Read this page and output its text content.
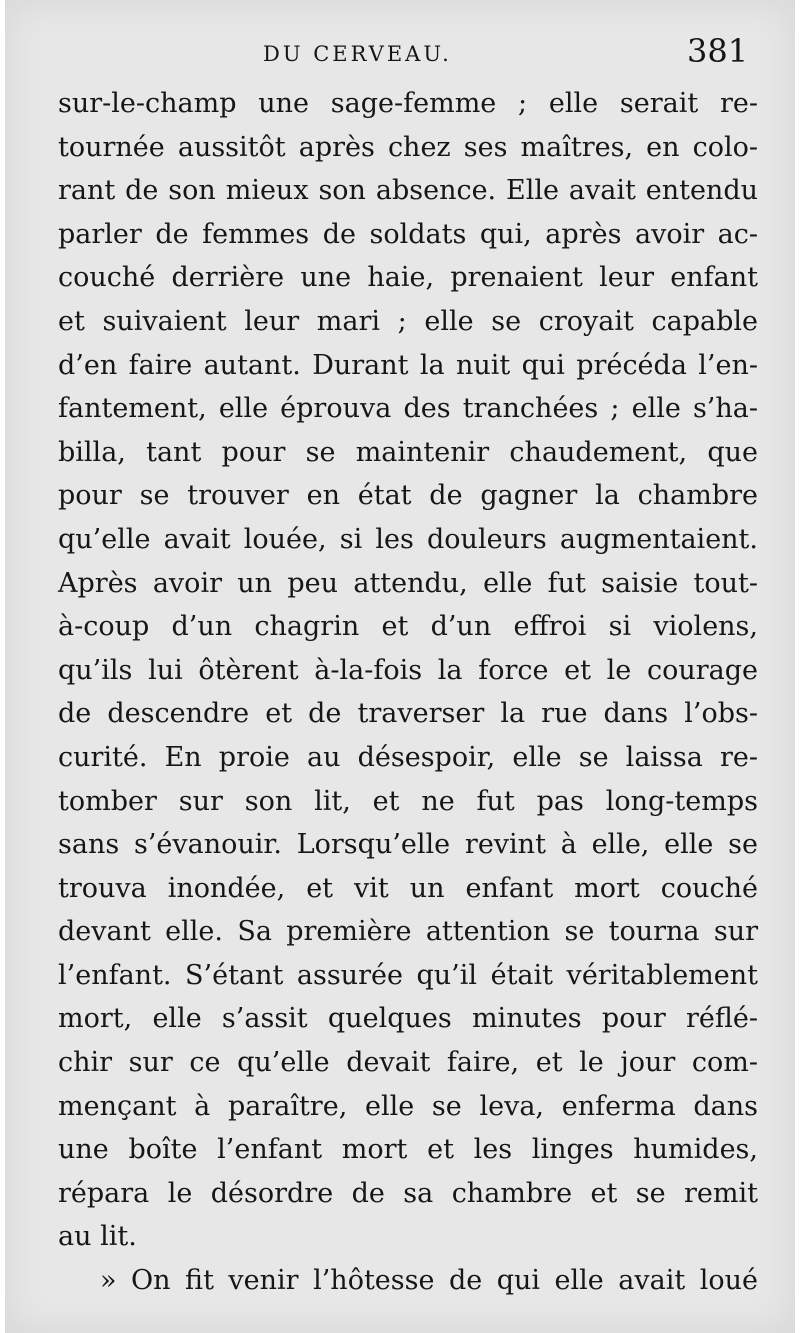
DU CERVEAU.	381
sur-le-champ une sage-femme ; elle serait re-
tournée aussitôt après chez ses maîtres, en colo-
rant de son mieux son absence. Elle avait entendu
parler de femmes de soldats qui, après avoir ac-
couché derrière une haie, prenaient leur enfant
et suivaient leur mari ; elle se croyait capable
d’en faire autant. Durant la nuit qui précéda l’en-
fantement, elle éprouva des tranchées ; elle s’ha-
billa, tant pour se maintenir chaudement, que
pour se trouver en état de gagner la chambre
qu’elle avait louée, si les douleurs augmentaient.
Après avoir un peu attendu, elle fut saisie tout-
à-coup d’un chagrin et d’un effroi si violens,
qu’ils lui ôtèrent à-la-fois la force et le courage
de descendre et de traverser la rue dans l’obs-
curité. En proie au désespoir, elle se laissa re-
tomber sur son lit, et ne fut pas long-temps
sans s’évanouir. Lorsqu’elle revint à elle, elle se
trouva inondée, et vit un enfant mort couché
devant elle. Sa première attention se tourna sur
l’enfant. S’étant assurée qu’il était véritablement
mort, elle s’assit quelques minutes pour réflé-
chir sur ce qu’elle devait faire, et le jour com-
mençant à paraître, elle se leva, enferma dans
une boîte l’enfant mort et les linges humides,
répara le désordre de sa chambre et se remit
au lit.
» On fit venir l’hôtesse de qui elle avait loué
